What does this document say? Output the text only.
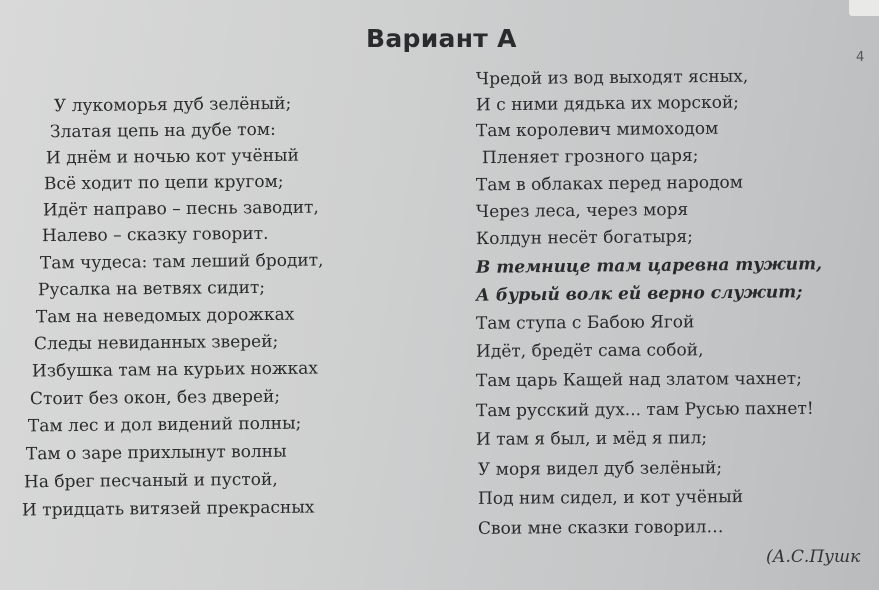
Вариант А
4
У лукоморья дуб зелёный;
Златая цепь на дубе том:
И днём и ночью кот учёный
Всё ходит по цепи кругом;
Идёт направо – песнь заводит,
Налево – сказку говорит.
Там чудеса: там леший бродит,
Русалка на ветвях сидит;
Там на неведомых дорожках
Следы невиданных зверей;
Избушка там на курьих ножках
Стоит без окон, без дверей;
Там лес и дол видений полны;
Там о заре прихлынут волны
На брег песчаный и пустой,
И тридцать витязей прекрасных
Чредой из вод выходят ясных,
И с ними дядька их морской;
Там королевич мимоходом
Пленяет грозного царя;
Там в облаках перед народом
Через леса, через моря
Колдун несёт богатыря;
В темнице там царевна тужит,
А бурый волк ей верно служит;
Там ступа с Бабою Ягой
Идёт, бредёт сама собой,
Там царь Кащей над златом чахнет;
Там русский дух... там Русью пахнет!
И там я был, и мёд я пил;
У моря видел дуб зелёный;
Под ним сидел, и кот учёный
Свои мне сказки говорил…
(А.С.Пушк
